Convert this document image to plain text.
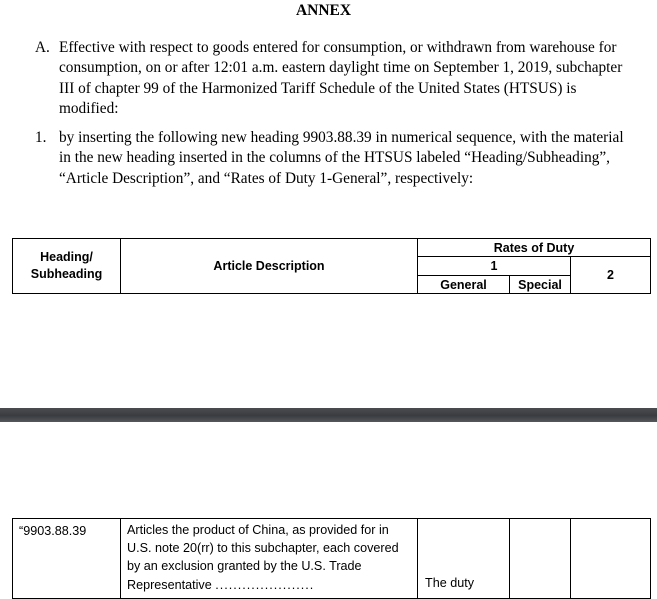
ANNEX
A. Effective with respect to goods entered for consumption, or withdrawn from warehouse for consumption, on or after 12:01 a.m. eastern daylight time on September 1, 2019, subchapter III of chapter 99 of the Harmonized Tariff Schedule of the United States (HTSUS) is modified:
1. by inserting the following new heading 9903.88.39 in numerical sequence, with the material in the new heading inserted in the columns of the HTSUS labeled “Heading/Subheading”, “Article Description”, and “Rates of Duty 1-General”, respectively:
Heading/
Subheading	Article Description	Rates of Duty		
		1		2
		General	Special	
“9903.88.39	Articles the product of China, as provided for in U.S. note 20(rr) to this subchapter, each covered by an exclusion granted by the U.S. Trade Representative ......................	The duty
